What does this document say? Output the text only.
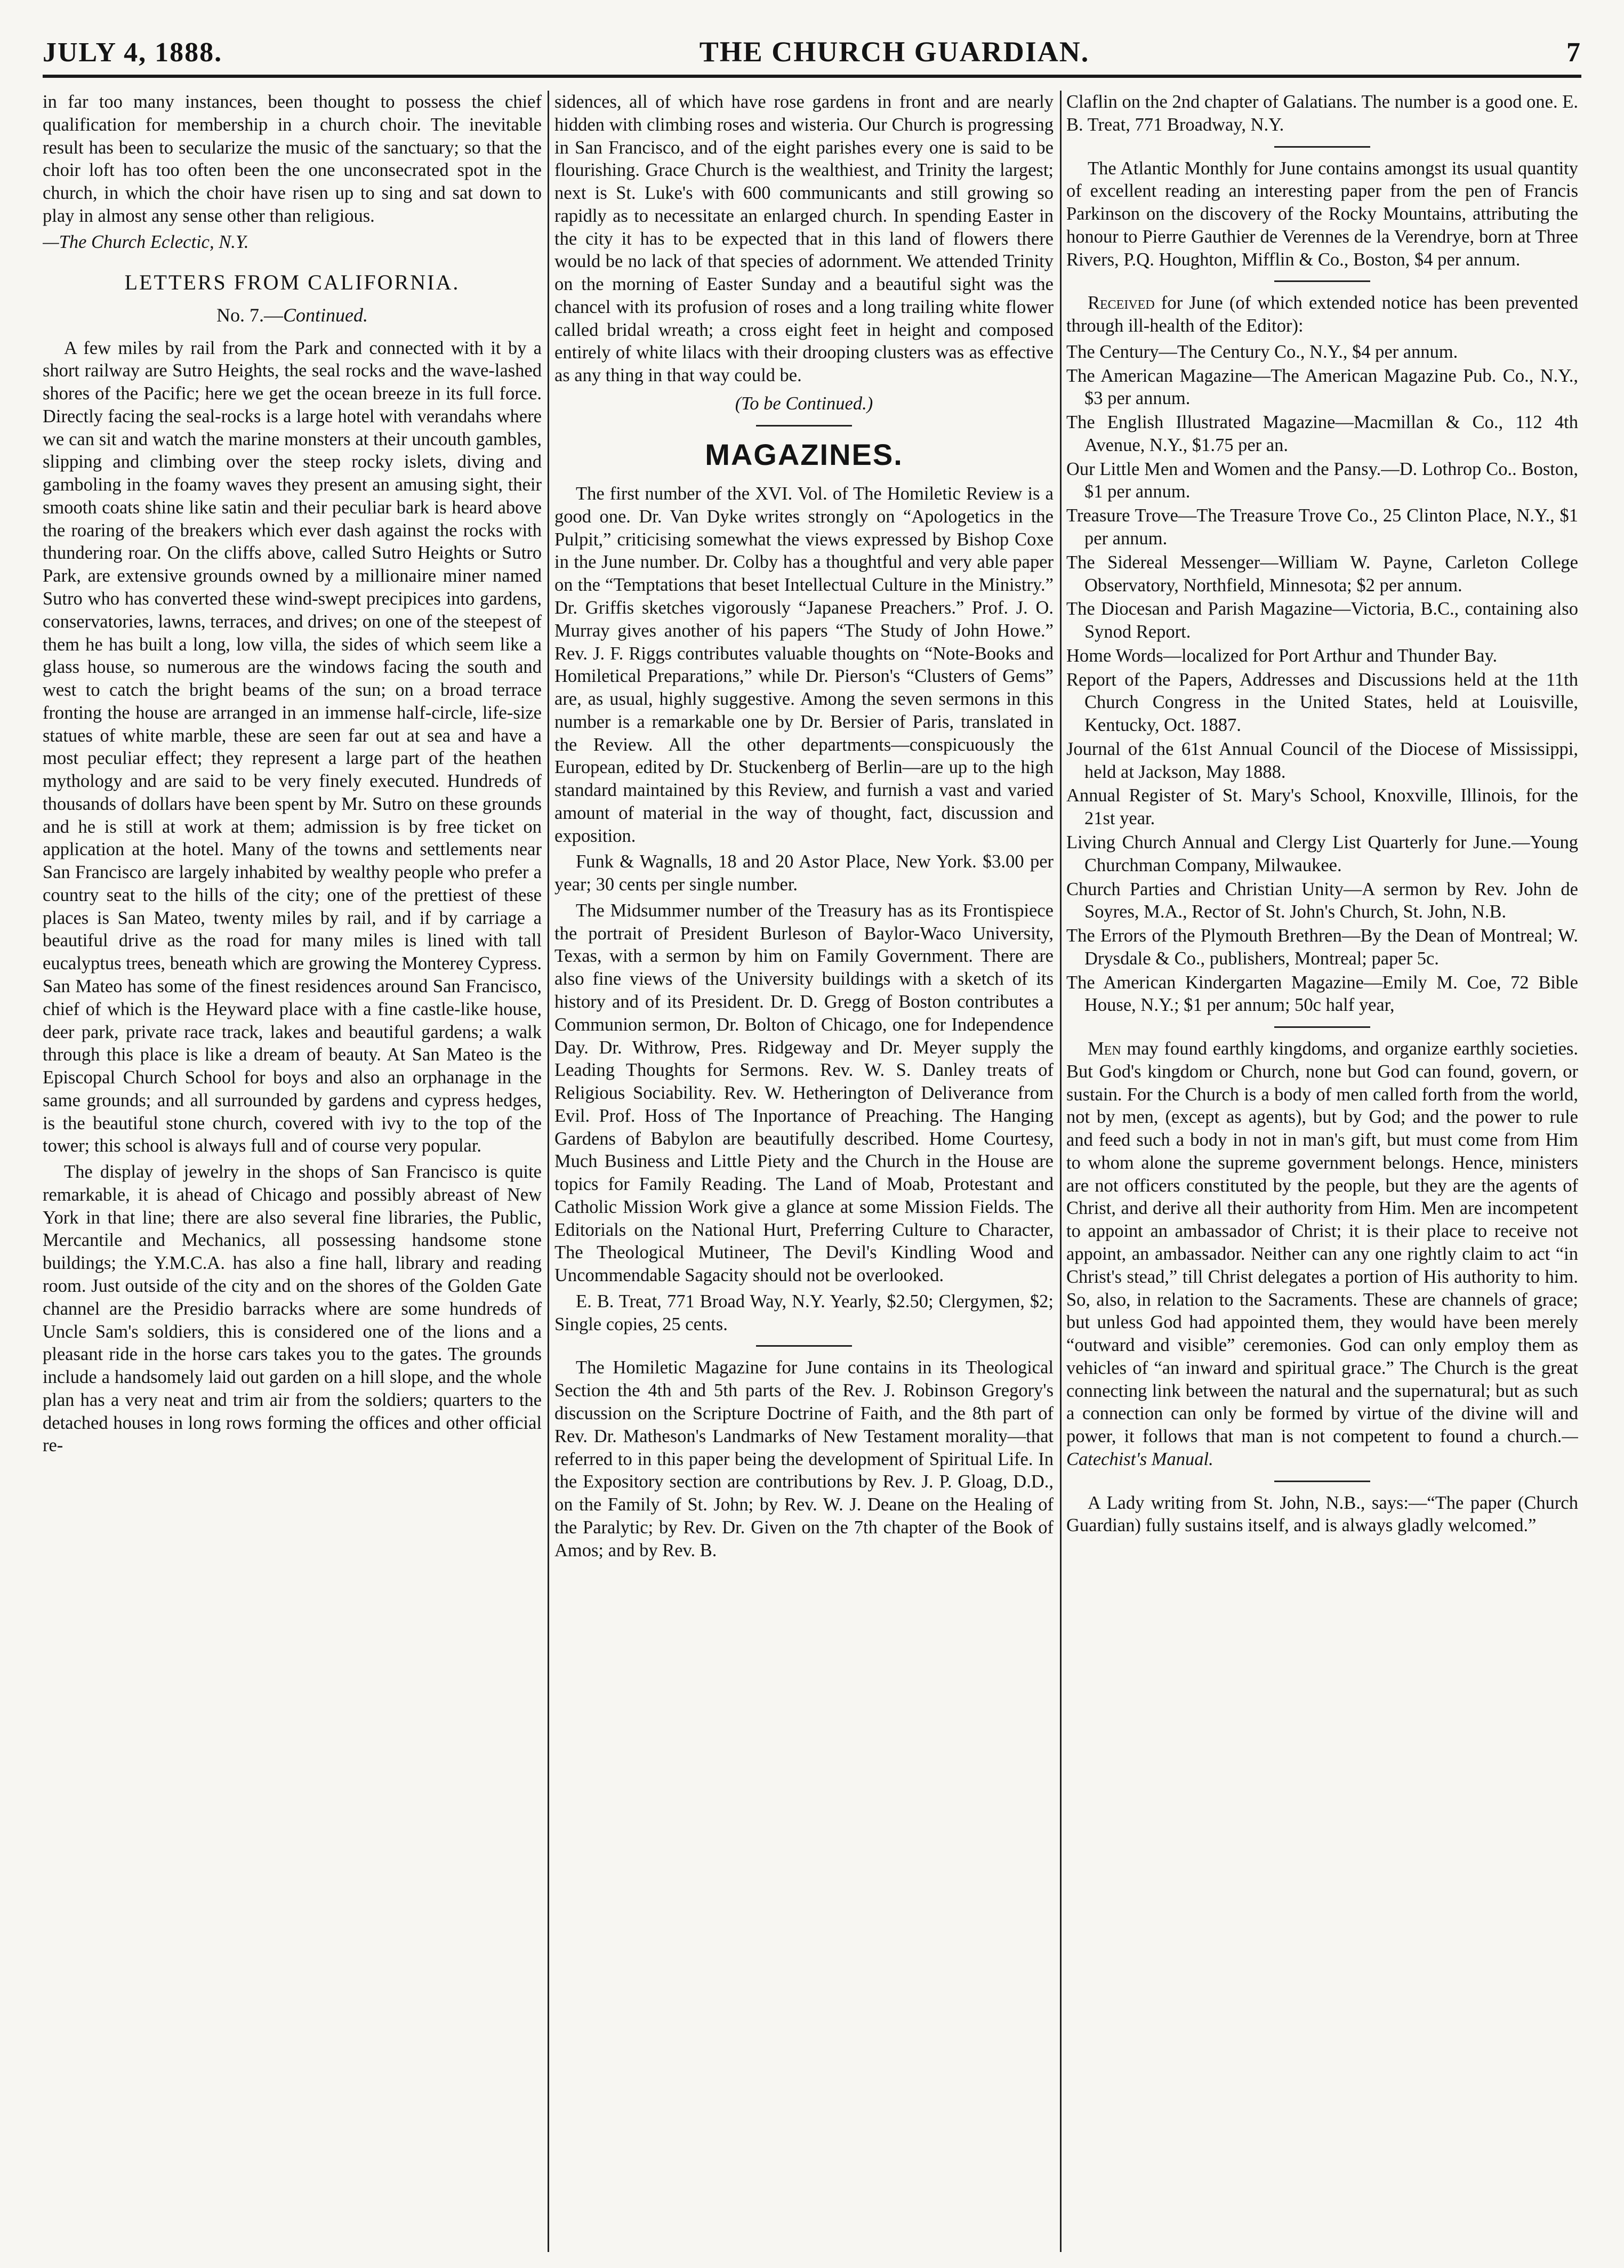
JULY 4, 1888.	THE CHURCH GUARDIAN.	7

in far too many instances, been thought to possess the chief qualification for membership in a church choir. The inevitable result has been to secularize the music of the sanctuary; so that the choir loft has too often been the one unconsecrated spot in the church, in which the choir have risen up to sing and sat down to play in almost any sense other than religious.

—The Church Eclectic, N.Y.

LETTERS FROM CALIFORNIA.
No. 7.—Continued.

A few miles by rail from the Park and connected with it by a short railway are Sutro Heights, the seal rocks and the wave-lashed shores of the Pacific; here we get the ocean breeze in its full force. Directly facing the seal-rocks is a large hotel with verandahs where we can sit and watch the marine monsters at their uncouth gambles, slipping and climbing over the steep rocky islets, diving and gamboling in the foamy waves they present an amusing sight, their smooth coats shine like satin and their peculiar bark is heard above the roaring of the breakers which ever dash against the rocks with thundering roar. On the cliffs above, called Sutro Heights or Sutro Park, are extensive grounds owned by a millionaire miner named Sutro who has converted these wind-swept precipices into gardens, conservatories, lawns, terraces, and drives; on one of the steepest of them he has built a long, low villa, the sides of which seem like a glass house, so numerous are the windows facing the south and west to catch the bright beams of the sun; on a broad terrace fronting the house are arranged in an immense half-circle, life-size statues of white marble, these are seen far out at sea and have a most peculiar effect; they represent a large part of the heathen mythology and are said to be very finely executed. Hundreds of thousands of dollars have been spent by Mr. Sutro on these grounds and he is still at work at them; admission is by free ticket on application at the hotel. Many of the towns and settlements near San Francisco are largely inhabited by wealthy people who prefer a country seat to the hills of the city; one of the prettiest of these places is San Mateo, twenty miles by rail, and if by carriage a beautiful drive as the road for many miles is lined with tall eucalyptus trees, beneath which are growing the Monterey Cypress. San Mateo has some of the finest residences around San Francisco, chief of which is the Heyward place with a fine castle-like house, deer park, private race track, lakes and beautiful gardens; a walk through this place is like a dream of beauty. At San Mateo is the Episcopal Church School for boys and also an orphanage in the same grounds; and all surrounded by gardens and cypress hedges, is the beautiful stone church, covered with ivy to the top of the tower; this school is always full and of course very popular.

The display of jewelry in the shops of San Francisco is quite remarkable, it is ahead of Chicago and possibly abreast of New York in that line; there are also several fine libraries, the Public, Mercantile and Mechanics, all possessing handsome stone buildings; the Y.M.C.A. has also a fine hall, library and reading room. Just outside of the city and on the shores of the Golden Gate channel are the Presidio barracks where are some hundreds of Uncle Sam's soldiers, this is considered one of the lions and a pleasant ride in the horse cars takes you to the gates. The grounds include a handsomely laid out garden on a hill slope, and the whole plan has a very neat and trim air from the soldiers; quarters to the detached houses in long rows forming the offices and other official re-

sidences, all of which have rose gardens in front and are nearly hidden with climbing roses and wisteria. Our Church is progressing in San Francisco, and of the eight parishes every one is said to be flourishing. Grace Church is the wealthiest, and Trinity the largest; next is St. Luke's with 600 communicants and still growing so rapidly as to necessitate an enlarged church. In spending Easter in the city it has to be expected that in this land of flowers there would be no lack of that species of adornment. We attended Trinity on the morning of Easter Sunday and a beautiful sight was the chancel with its profusion of roses and a long trailing white flower called bridal wreath; a cross eight feet in height and composed entirely of white lilacs with their drooping clusters was as effective as any thing in that way could be.

(To be Continued.)
MAGAZINES.

The first number of the XVI. Vol. of The Homiletic Review is a good one. Dr. Van Dyke writes strongly on “Apologetics in the Pulpit,” criticising somewhat the views expressed by Bishop Coxe in the June number. Dr. Colby has a thoughtful and very able paper on the “Temptations that beset Intellectual Culture in the Ministry.” Dr. Griffis sketches vigorously “Japanese Preachers.” Prof. J. O. Murray gives another of his papers “The Study of John Howe.” Rev. J. F. Riggs contributes valuable thoughts on “Note-Books and Homiletical Preparations,” while Dr. Pierson's “Clusters of Gems” are, as usual, highly suggestive. Among the seven sermons in this number is a remarkable one by Dr. Bersier of Paris, translated in the Review. All the other departments—conspicuously the European, edited by Dr. Stuckenberg of Berlin—are up to the high standard maintained by this Review, and furnish a vast and varied amount of material in the way of thought, fact, discussion and exposition.

Funk & Wagnalls, 18 and 20 Astor Place, New York. $3.00 per year; 30 cents per single number.

The Midsummer number of the Treasury has as its Frontispiece the portrait of President Burleson of Baylor-Waco University, Texas, with a sermon by him on Family Government. There are also fine views of the University buildings with a sketch of its history and of its President. Dr. D. Gregg of Boston contributes a Communion sermon, Dr. Bolton of Chicago, one for Independence Day. Dr. Withrow, Pres. Ridgeway and Dr. Meyer supply the Leading Thoughts for Sermons. Rev. W. S. Danley treats of Religious Sociability. Rev. W. Hetherington of Deliverance from Evil. Prof. Hoss of The Inportance of Preaching. The Hanging Gardens of Babylon are beautifully described. Home Courtesy, Much Business and Little Piety and the Church in the House are topics for Family Reading. The Land of Moab, Protestant and Catholic Mission Work give a glance at some Mission Fields. The Editorials on the National Hurt, Preferring Culture to Character, The Theological Mutineer, The Devil's Kindling Wood and Uncommendable Sagacity should not be overlooked.

E. B. Treat, 771 Broad Way, N.Y. Yearly, $2.50; Clergymen, $2; Single copies, 25 cents.

The Homiletic Magazine for June contains in its Theological Section the 4th and 5th parts of the Rev. J. Robinson Gregory's discussion on the Scripture Doctrine of Faith, and the 8th part of Rev. Dr. Matheson's Landmarks of New Testament morality—that referred to in this paper being the development of Spiritual Life. In the Expository section are contributions by Rev. J. P. Gloag, D.D., on the Family of St. John; by Rev. W. J. Deane on the Healing of the Paralytic; by Rev. Dr. Given on the 7th chapter of the Book of Amos; and by Rev. B.

Claflin on the 2nd chapter of Galatians. The number is a good one. E. B. Treat, 771 Broadway, N.Y.

The Atlantic Monthly for June contains amongst its usual quantity of excellent reading an interesting paper from the pen of Francis Parkinson on the discovery of the Rocky Mountains, attributing the honour to Pierre Gauthier de Verennes de la Verendrye, born at Three Rivers, P.Q. Houghton, Mifflin & Co., Boston, $4 per annum.

Received for June (of which extended notice has been prevented through ill-health of the Editor):

The Century—The Century Co., N.Y., $4 per annum.

The American Magazine—The American Magazine Pub. Co., N.Y., $3 per annum.

The English Illustrated Magazine—Macmillan & Co., 112 4th Avenue, N.Y., $1.75 per an.

Our Little Men and Women and the Pansy.—D. Lothrop Co.. Boston, $1 per annum.

Treasure Trove—The Treasure Trove Co., 25 Clinton Place, N.Y., $1 per annum.

The Sidereal Messenger—William W. Payne, Carleton College Observatory, Northfield, Minnesota; $2 per annum.

The Diocesan and Parish Magazine—Victoria, B.C., containing also Synod Report.

Home Words—localized for Port Arthur and Thunder Bay.

Report of the Papers, Addresses and Discussions held at the 11th Church Congress in the United States, held at Louisville, Kentucky, Oct. 1887.

Journal of the 61st Annual Council of the Diocese of Mississippi, held at Jackson, May 1888.

Annual Register of St. Mary's School, Knoxville, Illinois, for the 21st year.

Living Church Annual and Clergy List Quarterly for June.—Young Churchman Company, Milwaukee.

Church Parties and Christian Unity—A sermon by Rev. John de Soyres, M.A., Rector of St. John's Church, St. John, N.B.

The Errors of the Plymouth Brethren—By the Dean of Montreal; W. Drysdale & Co., publishers, Montreal; paper 5c.

The American Kindergarten Magazine—Emily M. Coe, 72 Bible House, N.Y.; $1 per annum; 50c half year,

Men may found earthly kingdoms, and organize earthly societies. But God's kingdom or Church, none but God can found, govern, or sustain. For the Church is a body of men called forth from the world, not by men, (except as agents), but by God; and the power to rule and feed such a body in not in man's gift, but must come from Him to whom alone the supreme government belongs. Hence, ministers are not officers constituted by the people, but they are the agents of Christ, and derive all their authority from Him. Men are incompetent to appoint an ambassador of Christ; it is their place to receive not appoint, an ambassador. Neither can any one rightly claim to act “in Christ's stead,” till Christ delegates a portion of His authority to him. So, also, in relation to the Sacraments. These are channels of grace; but unless God had appointed them, they would have been merely “outward and visible” ceremonies. God can only employ them as vehicles of “an inward and spiritual grace.” The Church is the great connecting link between the natural and the supernatural; but as such a connection can only be formed by virtue of the divine will and power, it follows that man is not competent to found a church.—Catechist's Manual.

A Lady writing from St. John, N.B., says:—“The paper (Church Guardian) fully sustains itself, and is always gladly welcomed.”
